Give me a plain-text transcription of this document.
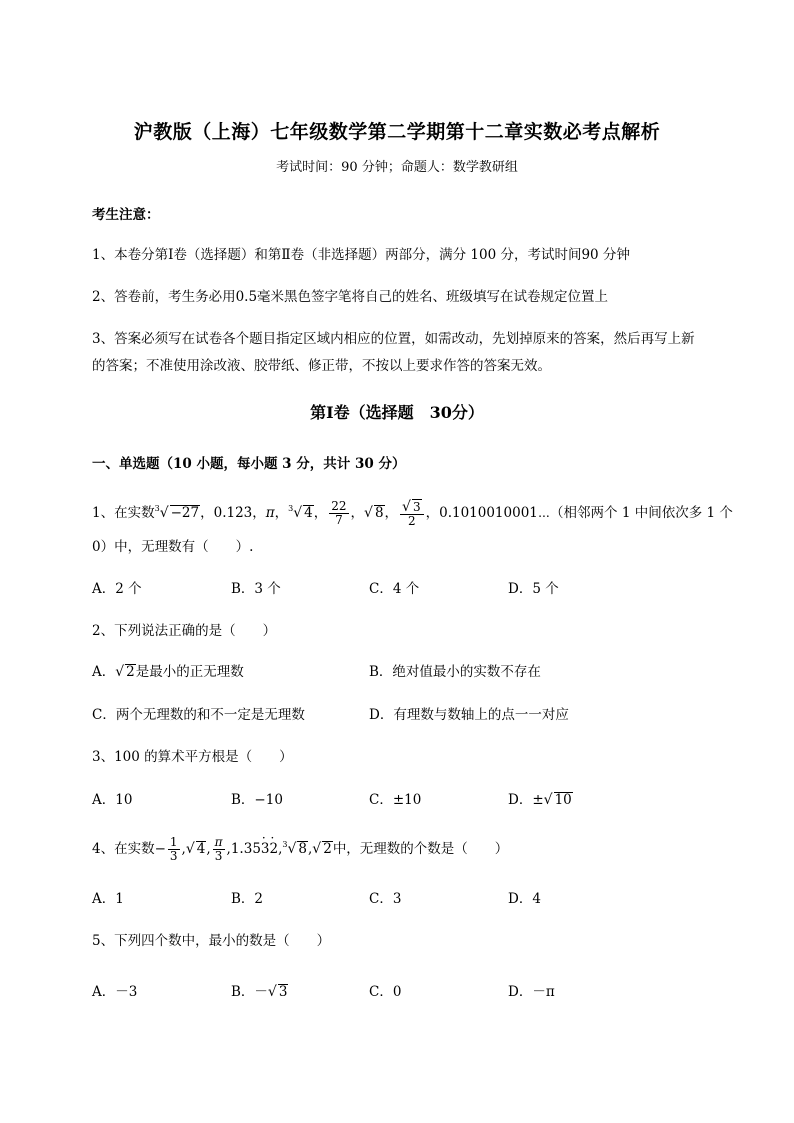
沪教版（上海）七年级数学第二学期第十二章实数必考点解析
考试时间：90 分钟；命题人：数学教研组
考生注意：
1、本卷分第Ⅰ卷（选择题）和第Ⅱ卷（非选择题）两部分，满分 100 分，考试时间90 分钟
2、答卷前，考生务必用0.5毫米黑色签字笔将自己的姓名、班级填写在试卷规定位置上
3、答案必须写在试卷各个题目指定区域内相应的位置，如需改动，先划掉原来的答案，然后再写上新
的答案；不准使用涂改液、胶带纸、修正带，不按以上要求作答的答案无效。
第Ⅰ卷（选择题　30分）
一、单选题（10 小题，每小题 3 分，共计 30 分）
1、在实数$^3$√ −27，0.12̇3̇，π，$^3$√ 4， $\frac{22}{7}$ ，√ 8， $\frac{√ 3}{2}$ ，0.1010010001⋯（相邻两个 1 中间依次多 1 个
0）中，无理数有（　　）.
A．2 个	B．3 个	C．4 个	D．5 个
2、下列说法正确的是（　　）
A．√ 2是最小的正无理数	B．绝对值最小的实数不存在
C．两个无理数的和不一定是无理数	D．有理数与数轴上的点一一对应
3、100 的算术平方根是（　　）
A．10	B．−10	C．±10	D．±√ 10
4、在实数− $\frac{1}{3}$ ,√ 4, $\frac{\pi}{3} ,1.35\cdot 3\cdot 2,^3√$ 8,√ 2中，无理数的个数是（　　）
A．1	B．2	C．3	D．4
5、下列四个数中，最小的数是（　　）
A．－3	B．－√ 3	C．0	D．－π
